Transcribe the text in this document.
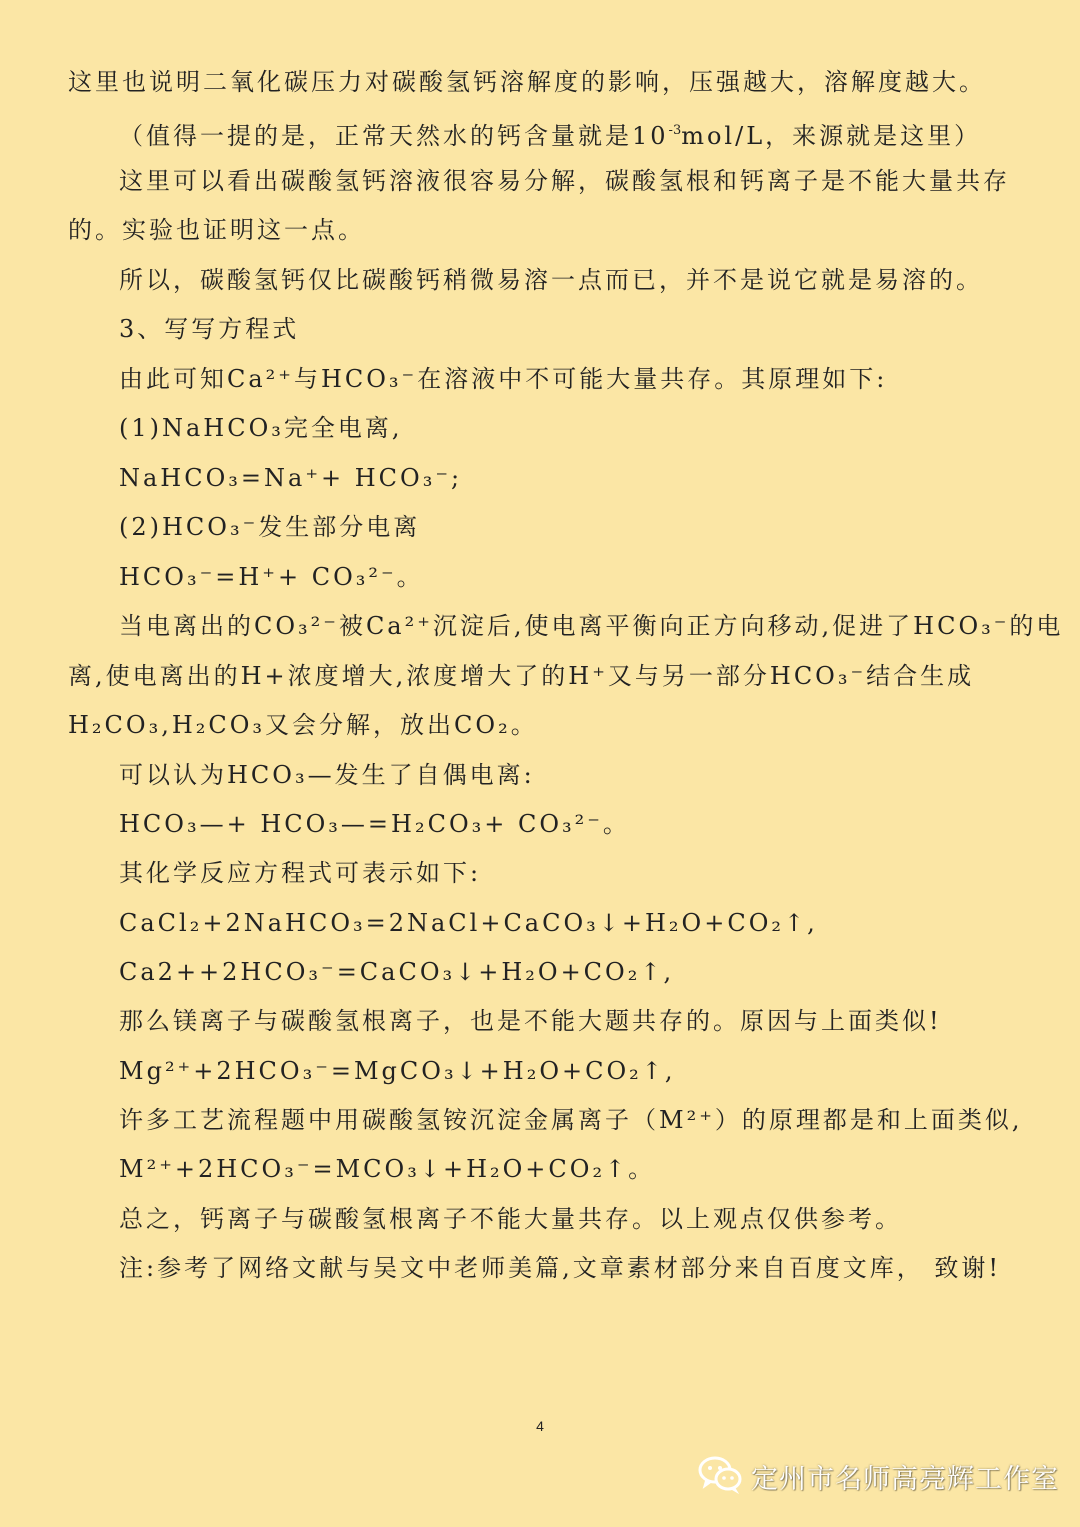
这里也说明二氧化碳压力对碳酸氢钙溶解度的影响，压强越大，溶解度越大。
（值得一提的是，正常天然水的钙含量就是$10^{-3}mol/L$，来源就是这里）
这里可以看出碳酸氢钙溶液很容易分解，碳酸氢根和钙离子是不能大量共存
的。实验也证明这一点。
所以，碳酸氢钙仅比碳酸钙稍微易溶一点而已，并不是说它就是易溶的。
3、写写方程式
由此可知Ca²⁺与HCO₃⁻在溶液中不可能大量共存。其原理如下:
(1)NaHCO₃完全电离,
NaHCO₃=Na⁺+ HCO₃⁻;
(2)HCO₃⁻发生部分电离
HCO₃⁻=H⁺+ CO₃²⁻。
当电离出的CO₃²⁻被Ca²⁺沉淀后,使电离平衡向正方向移动,促进了HCO₃⁻的电
离,使电离出的H+浓度增大,浓度增大了的H⁺又与另一部分HCO₃⁻结合生成
H₂CO₃,H₂CO₃又会分解，放出CO₂。
可以认为HCO₃—发生了自偶电离:
HCO₃—+ HCO₃—=H₂CO₃+ CO₃²⁻。
其化学反应方程式可表示如下:
CaCl₂+2NaHCO₃=2NaCl+CaCO₃↓+H₂O+CO₂↑,
Ca2++2HCO₃⁻=CaCO₃↓+H₂O+CO₂↑,
那么镁离子与碳酸氢根离子，也是不能大题共存的。原因与上面类似!
Mg²⁺+2HCO₃⁻=MgCO₃↓+H₂O+CO₂↑,
许多工艺流程题中用碳酸氢铵沉淀金属离子（M²⁺）的原理都是和上面类似,
M²⁺+2HCO₃⁻=MCO₃↓+H₂O+CO₂↑。
总之，钙离子与碳酸氢根离子不能大量共存。以上观点仅供参考。
注:参考了网络文献与吴文中老师美篇,文章素材部分来自百度文库， 致谢!
4
定州市名师高亮辉工作室
